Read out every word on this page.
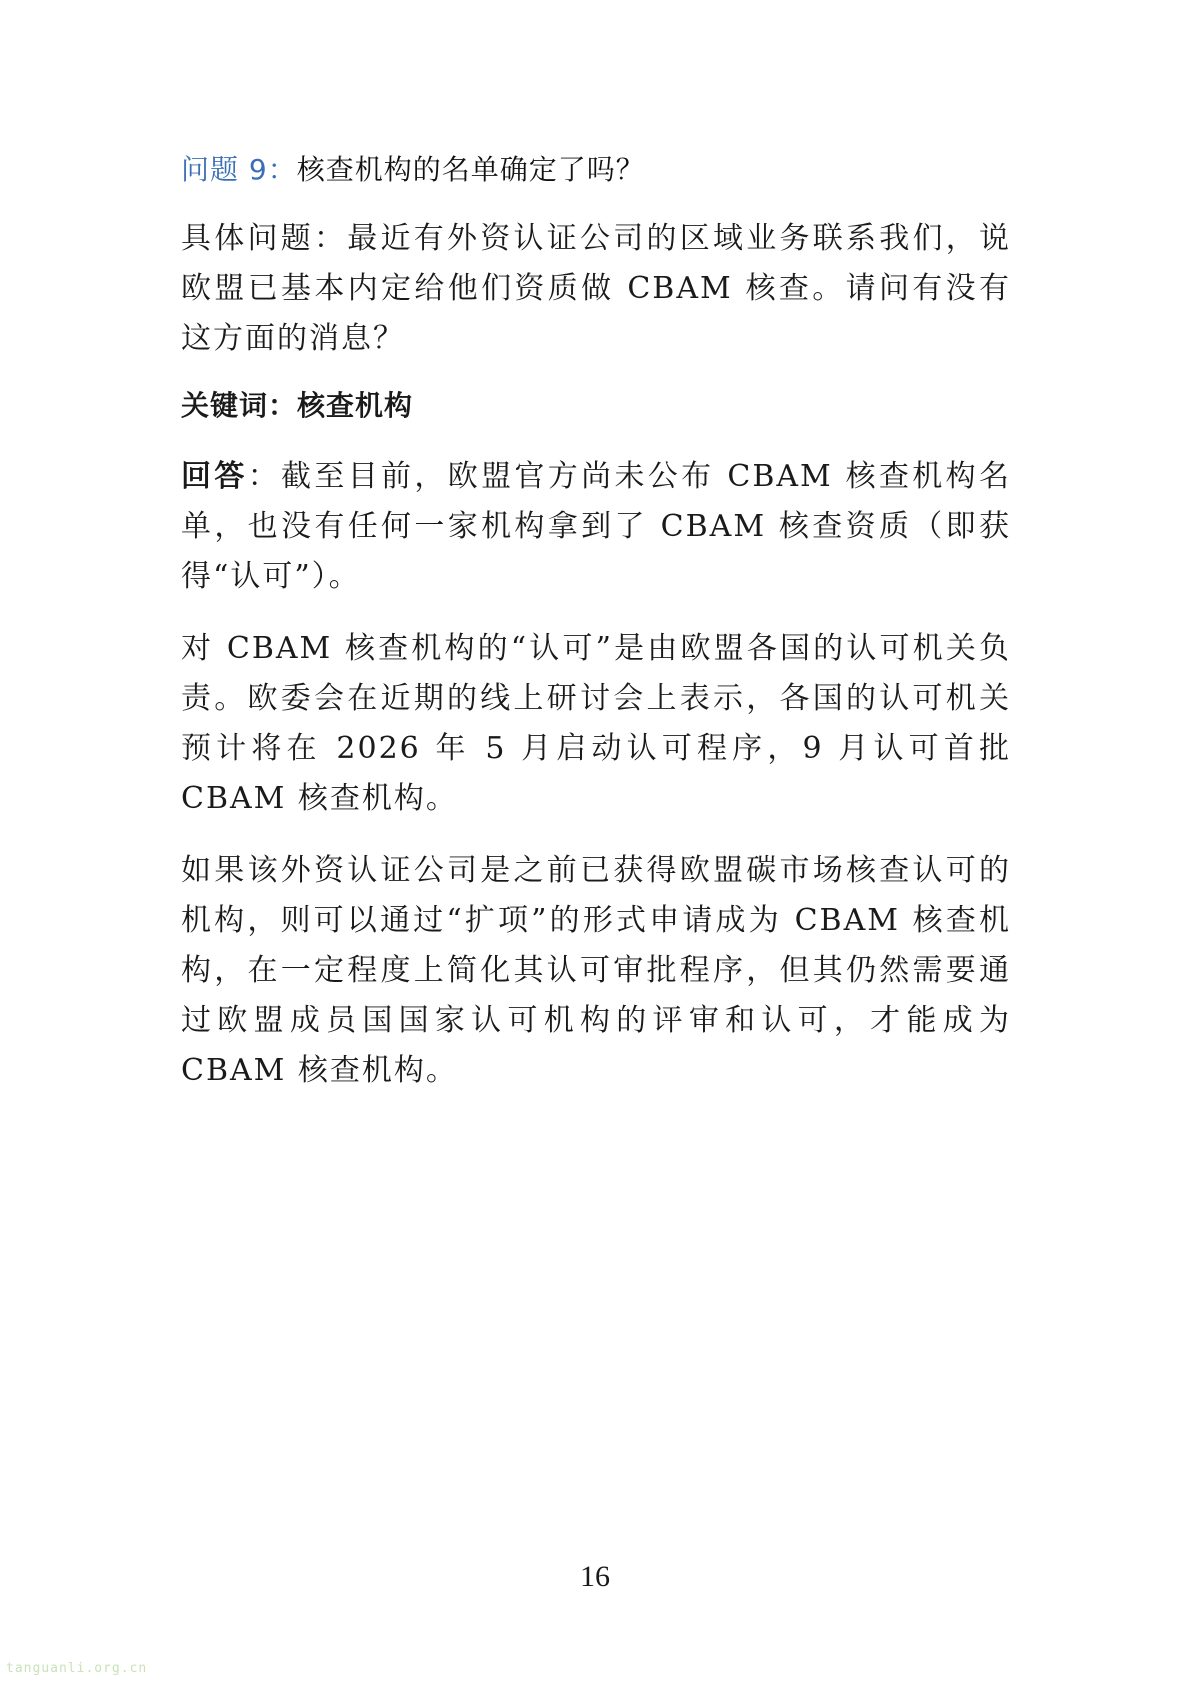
问题 9：核查机构的名单确定了吗？

具体问题：最近有外资认证公司的区域业务联系我们，说欧盟已基本内定给他们资质做 CBAM 核查。请问有没有这方面的消息？

关键词：核查机构

回答：截至目前，欧盟官方尚未公布 CBAM 核查机构名单，也没有任何一家机构拿到了 CBAM 核查资质（即获得“认可”）。

对 CBAM 核查机构的“认可”是由欧盟各国的认可机关负责。欧委会在近期的线上研讨会上表示，各国的认可机关预计将在 2026 年 5 月启动认可程序，9 月认可首批 CBAM 核查机构。

如果该外资认证公司是之前已获得欧盟碳市场核查认可的机构，则可以通过“扩项”的形式申请成为 CBAM 核查机构，在一定程度上简化其认可审批程序，但其仍然需要通过欧盟成员国国家认可机构的评审和认可，才能成为 CBAM 核查机构。

16
tanguanli.org.cn
